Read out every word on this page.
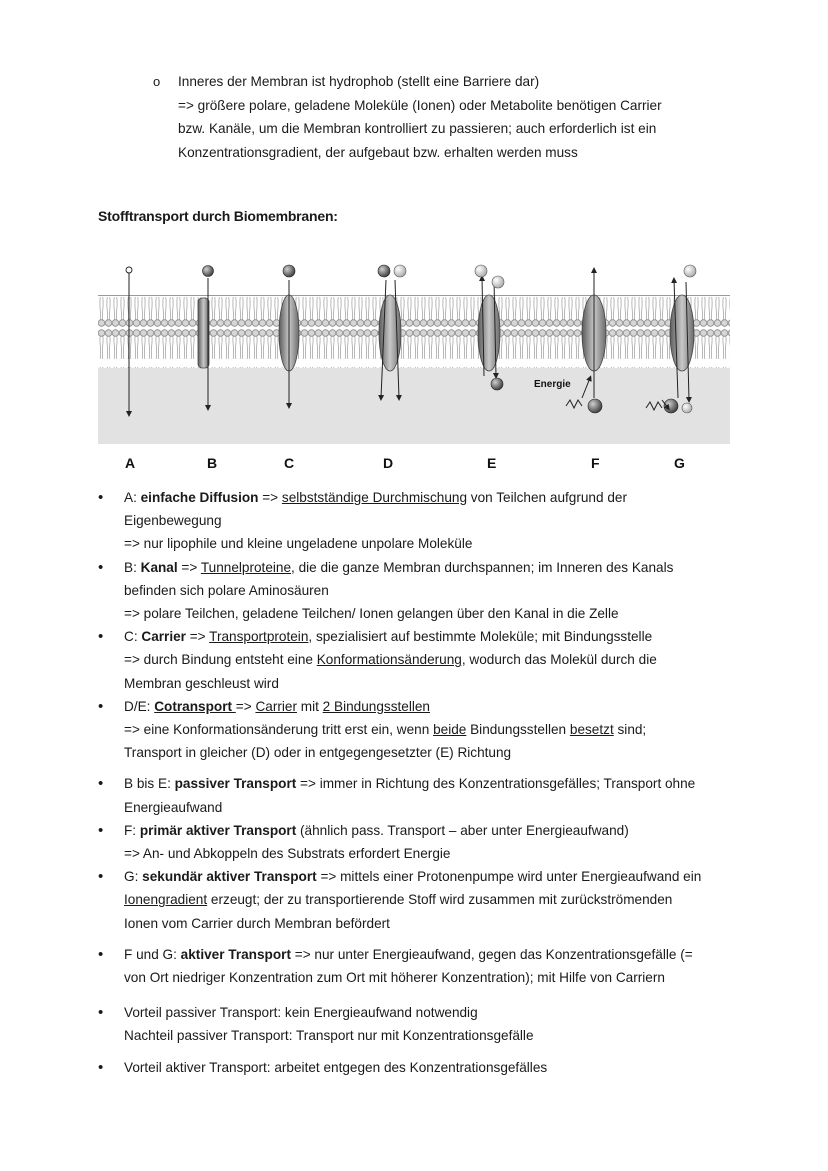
o Inneres der Membran ist hydrophob (stellt eine Barriere dar)
=> größere polare, geladene Moleküle (Ionen) oder Metabolite benötigen Carrier
bzw. Kanäle, um die Membran kontrolliert zu passieren; auch erforderlich ist ein
Konzentrationsgradient, der aufgebaut bzw. erhalten werden muss
Stofftransport durch Biomembranen:
Energie
A	B	C	D	E	F	G

• A: einfache Diffusion => selbstständige Durchmischung von Teilchen aufgrund der
Eigenbewegung
=> nur lipophile und kleine ungeladene unpolare Moleküle

• B: Kanal => Tunnelproteine, die die ganze Membran durchspannen; im Inneren des Kanals
befinden sich polare Aminosäuren
=> polare Teilchen, geladene Teilchen/ Ionen gelangen über den Kanal in die Zelle

• C: Carrier => Transportprotein, spezialisiert auf bestimmte Moleküle; mit Bindungsstelle
=> durch Bindung entsteht eine Konformationsänderung, wodurch das Molekül durch die
Membran geschleust wird

• D/E: Cotransport => Carrier mit 2 Bindungsstellen
=> eine Konformationsänderung tritt erst ein, wenn beide Bindungsstellen besetzt sind;
Transport in gleicher (D) oder in entgegengesetzter (E) Richtung

• B bis E: passiver Transport => immer in Richtung des Konzentrationsgefälles; Transport ohne
Energieaufwand

• F: primär aktiver Transport (ähnlich pass. Transport – aber unter Energieaufwand)
=> An- und Abkoppeln des Substrats erfordert Energie

• G: sekundär aktiver Transport => mittels einer Protonenpumpe wird unter Energieaufwand ein
Ionengradient erzeugt; der zu transportierende Stoff wird zusammen mit zurückströmenden
Ionen vom Carrier durch Membran befördert

• F und G: aktiver Transport => nur unter Energieaufwand, gegen das Konzentrationsgefälle (=
von Ort niedriger Konzentration zum Ort mit höherer Konzentration); mit Hilfe von Carriern

• Vorteil passiver Transport: kein Energieaufwand notwendig
Nachteil passiver Transport: Transport nur mit Konzentrationsgefälle

• Vorteil aktiver Transport: arbeitet entgegen des Konzentrationsgefälles
